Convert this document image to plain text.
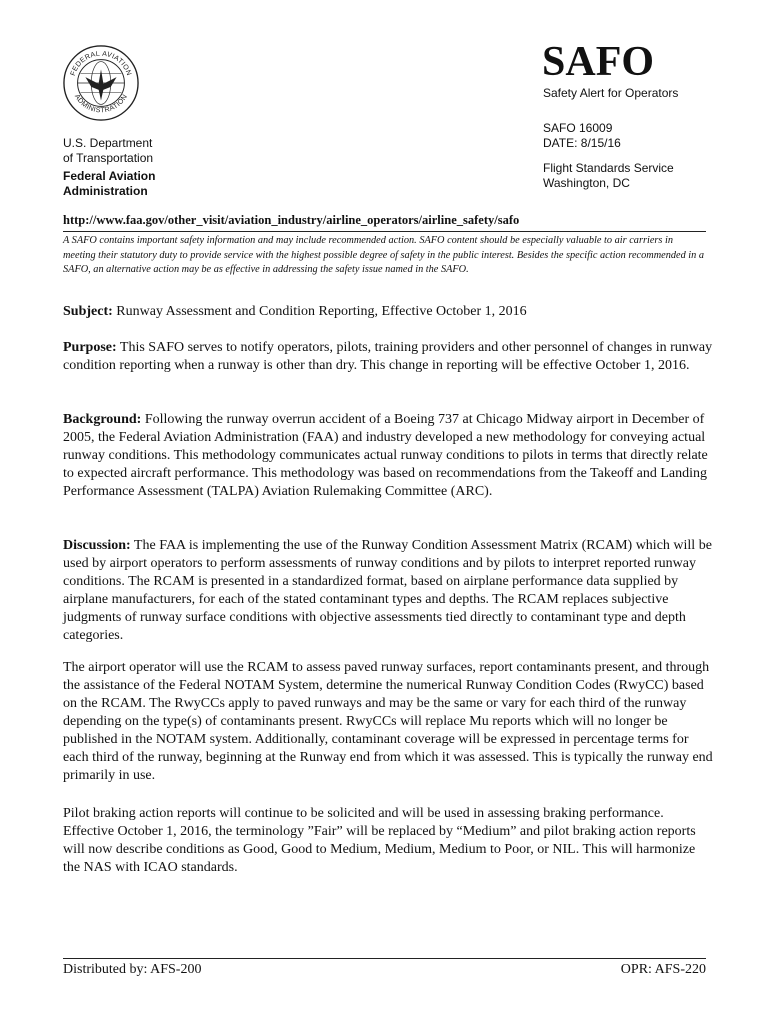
FEDERAL AVIATION
ADMINISTRATION
U.S. Department
of Transportation
Federal Aviation
Administration
SAFO
Safety Alert for Operators
SAFO 16009
DATE: 8/15/16
Flight Standards Service
Washington, DC
http://www.faa.gov/other_visit/aviation_industry/airline_operators/airline_safety/safo
A SAFO contains important safety information and may include recommended action. SAFO content should be especially valuable to air carriers in meeting their statutory duty to provide service with the highest possible degree of safety in the public interest. Besides the specific action recommended in a SAFO, an alternative action may be as effective in addressing the safety issue named in the SAFO.
Subject: Runway Assessment and Condition Reporting, Effective October 1, 2016
Purpose: This SAFO serves to notify operators, pilots, training providers and other personnel of changes in runway condition reporting when a runway is other than dry. This change in reporting will be effective October 1, 2016.
Background: Following the runway overrun accident of a Boeing 737 at Chicago Midway airport in December of 2005, the Federal Aviation Administration (FAA) and industry developed a new methodology for conveying actual runway conditions. This methodology communicates actual runway conditions to pilots in terms that directly relate to expected aircraft performance. This methodology was based on recommendations from the Takeoff and Landing Performance Assessment (TALPA) Aviation Rulemaking Committee (ARC).
Discussion: The FAA is implementing the use of the Runway Condition Assessment Matrix (RCAM) which will be used by airport operators to perform assessments of runway conditions and by pilots to interpret reported runway conditions. The RCAM is presented in a standardized format, based on airplane performance data supplied by airplane manufacturers, for each of the stated contaminant types and depths. The RCAM replaces subjective judgments of runway surface conditions with objective assessments tied directly to contaminant type and depth categories.
The airport operator will use the RCAM to assess paved runway surfaces, report contaminants present, and through the assistance of the Federal NOTAM System, determine the numerical Runway Condition Codes (RwyCC) based on the RCAM. The RwyCCs apply to paved runways and may be the same or vary for each third of the runway depending on the type(s) of contaminants present. RwyCCs will replace Mu reports which will no longer be published in the NOTAM system. Additionally, contaminant coverage will be expressed in percentage terms for each third of the runway, beginning at the Runway end from which it was assessed. This is typically the runway end primarily in use.
Pilot braking action reports will continue to be solicited and will be used in assessing braking performance. Effective October 1, 2016, the terminology ”Fair” will be replaced by “Medium” and pilot braking action reports will now describe conditions as Good, Good to Medium, Medium, Medium to Poor, or NIL. This will harmonize the NAS with ICAO standards.
Distributed by: AFS-200	OPR: AFS-220
